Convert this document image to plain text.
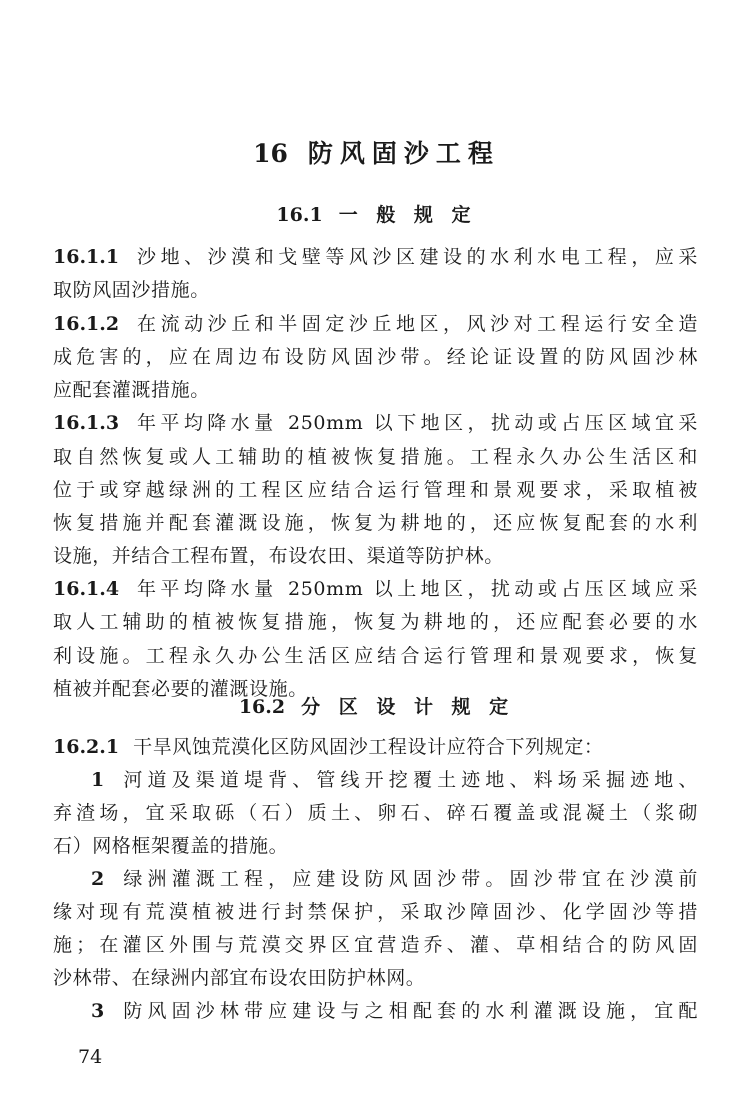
16 防风固沙工程
16.1 一 般 规 定
16.1.1 沙地、沙漠和戈壁等风沙区建设的水利水电工程，应采
取防风固沙措施。
16.1.2 在流动沙丘和半固定沙丘地区，风沙对工程运行安全造
成危害的，应在周边布设防风固沙带。经论证设置的防风固沙林
应配套灌溉措施。
16.1.3 年平均降水量 250mm 以下地区，扰动或占压区域宜采
取自然恢复或人工辅助的植被恢复措施。工程永久办公生活区和
位于或穿越绿洲的工程区应结合运行管理和景观要求，采取植被
恢复措施并配套灌溉设施，恢复为耕地的，还应恢复配套的水利
设施，并结合工程布置，布设农田、渠道等防护林。
16.1.4 年平均降水量 250mm 以上地区，扰动或占压区域应采
取人工辅助的植被恢复措施，恢复为耕地的，还应配套必要的水
利设施。工程永久办公生活区应结合运行管理和景观要求，恢复
植被并配套必要的灌溉设施。
16.2 分 区 设 计 规 定
16.2.1 干旱风蚀荒漠化区防风固沙工程设计应符合下列规定：
1 河道及渠道堤背、管线开挖覆土迹地、料场采掘迹地、
弃渣场，宜采取砾（石）质土、卵石、碎石覆盖或混凝土（浆砌
石）网格框架覆盖的措施。
2 绿洲灌溉工程，应建设防风固沙带。固沙带宜在沙漠前
缘对现有荒漠植被进行封禁保护，采取沙障固沙、化学固沙等措
施；在灌区外围与荒漠交界区宜营造乔、灌、草相结合的防风固
沙林带、在绿洲内部宜布设农田防护林网。
3 防风固沙林带应建设与之相配套的水利灌溉设施，宜配
74
